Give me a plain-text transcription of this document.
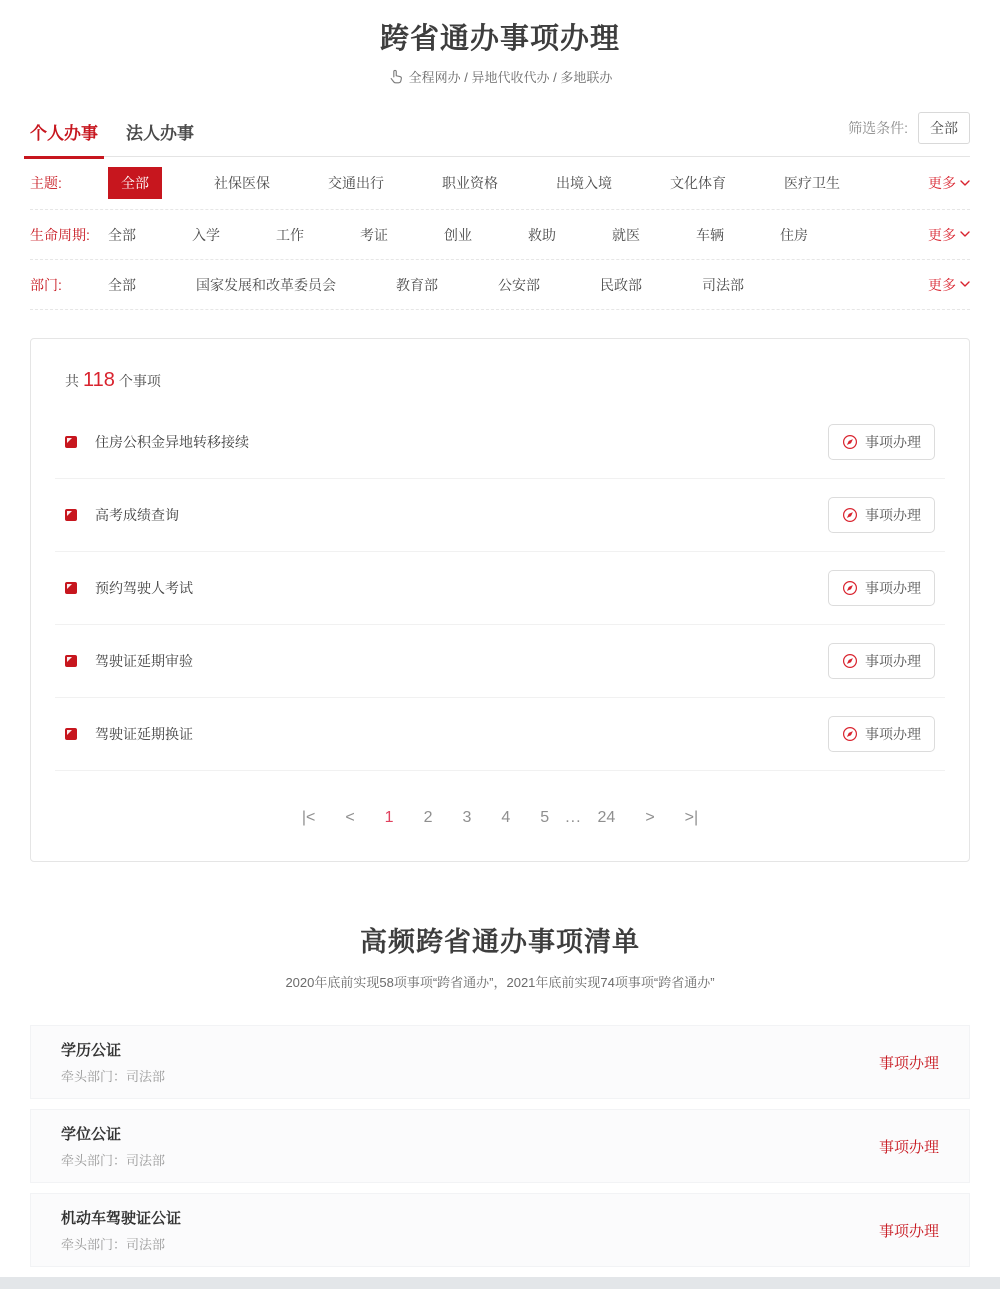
跨省通办事项办理
全程网办 / 异地代收代办 / 多地联办
个人办事 法人办事	筛选条件:	全部
主题:	全部	社保医保	交通出行	职业资格	出境入境	文化体育	医疗卫生	更多
生命周期:	全部	入学	工作	考证	创业	救助	就医	车辆	住房	更多
部门:	全部	国家发展和改革委员会	教育部	公安部	民政部	司法部	更多
共 118 个事项
住房公积金异地转移接续	事项办理
高考成绩查询	事项办理
预约驾驶人考试	事项办理
驾驶证延期审验	事项办理
驾驶证延期换证	事项办理
|< < 1 2 3 4 5 ... 24 > >|
高频跨省通办事项清单
2020年底前实现58项事项“跨省通办”，2021年底前实现74项事项“跨省通办”
学历公证
牵头部门：司法部
事项办理
学位公证
牵头部门：司法部
事项办理
机动车驾驶证公证
牵头部门：司法部
事项办理
